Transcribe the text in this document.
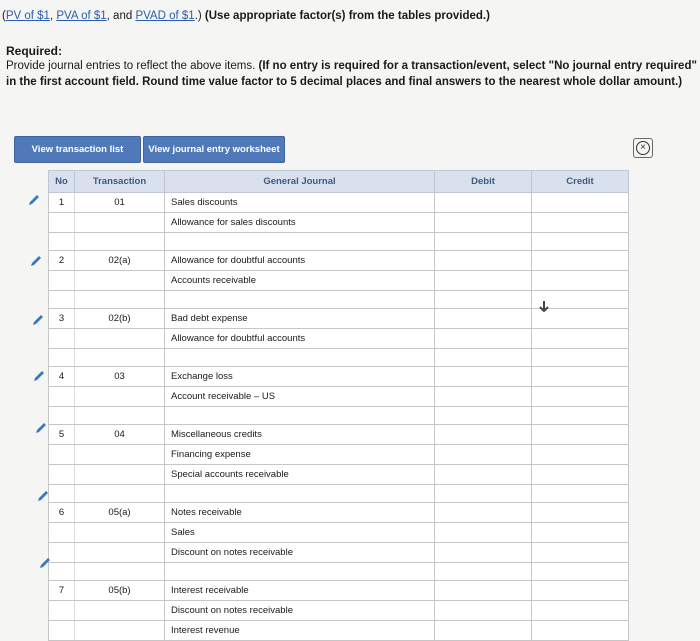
(PV of $1, PVA of $1, and PVAD of $1.) (Use appropriate factor(s) from the tables provided.)
Required:
Provide journal entries to reflect the above items. (If no entry is required for a transaction/event, select "No journal entry required" in the first account field. Round time value factor to 5 decimal places and final answers to the nearest whole dollar amount.)
View transaction list	View journal entry worksheet	×
No	Transaction	General Journal	Debit	Credit
1	01	Sales discounts		
		Allowance for sales discounts		

2	02(a)	Allowance for doubtful accounts		
		Accounts receivable		

3	02(b)	Bad debt expense		
		Allowance for doubtful accounts		

4	03	Exchange loss		
		Account receivable – US		

5	04	Miscellaneous credits		
		Financing expense		
		Special accounts receivable		

6	05(a)	Notes receivable		
		Sales		
		Discount on notes receivable		

7	05(b)	Interest receivable		
		Discount on notes receivable		
		Interest revenue		
